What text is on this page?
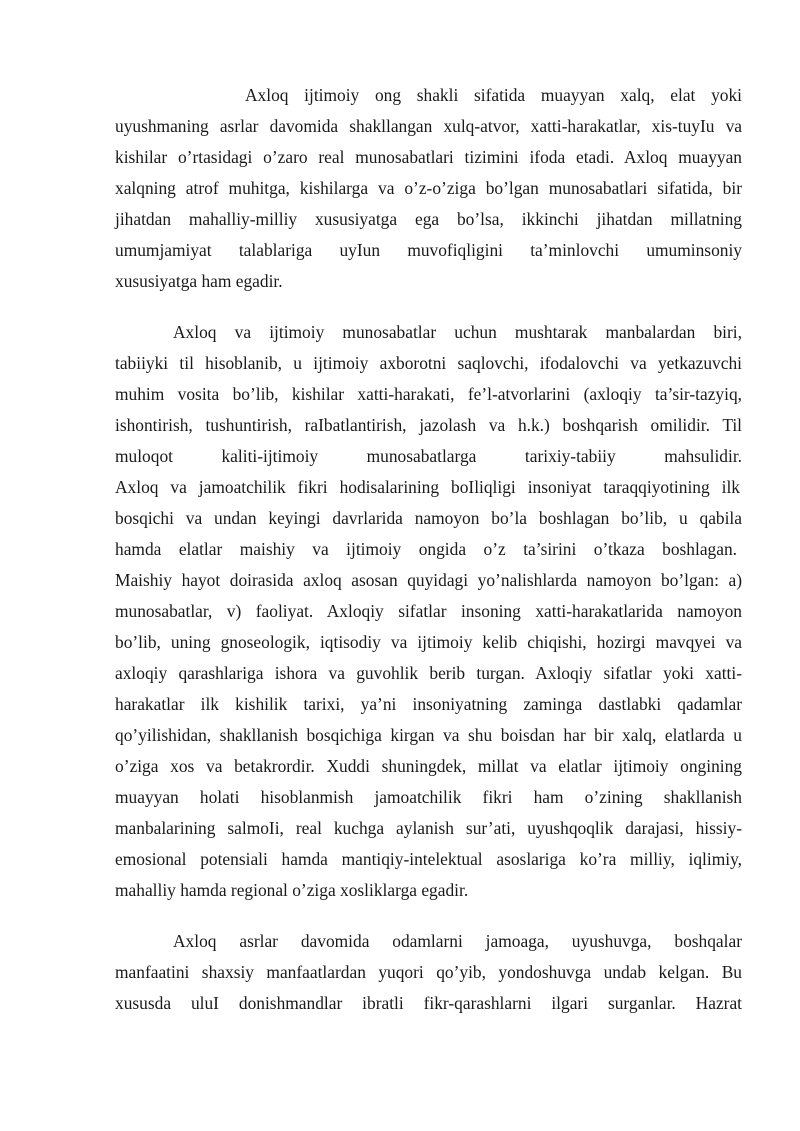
Axloq ijtimoiy ong shakli sifatida muayyan xalq, elat yoki
uyushmaning asrlar davomida shakllangan xulq-atvor, xatti-harakatlar, xis-tuyIu va
kishilar o’rtasidagi o’zaro real munosabatlari tizimini ifoda etadi. Axloq muayyan
xalqning atrof muhitga, kishilarga va o’z-o’ziga bo’lgan munosabatlari sifatida, bir
jihatdan mahalliy-milliy xususiyatga ega bo’lsa, ikkinchi jihatdan millatning
umumjamiyat talablariga uyIun muvofiqligini ta’minlovchi umuminsoniy
xususiyatga ham egadir.
Axloq va ijtimoiy munosabatlar uchun mushtarak manbalardan biri,
tabiiyki til hisoblanib, u ijtimoiy axborotni saqlovchi, ifodalovchi va yetkazuvchi
muhim vosita bo’lib, kishilar xatti-harakati, fe’l-atvorlarini (axloqiy ta’sir-tazyiq,
ishontirish, tushuntirish, raIbatlantirish, jazolash va h.k.) boshqarish omilidir. Til
muloqot kaliti-ijtimoiy munosabatlarga tarixiy-tabiiy mahsulidir.
Axloq va jamoatchilik fikri hodisalarining boIliqligi insoniyat taraqqiyotining ilk
bosqichi va undan keyingi davrlarida namoyon bo’la boshlagan bo’lib, u qabila
hamda elatlar maishiy va ijtimoiy ongida o’z ta’sirini o’tkaza boshlagan.
Maishiy hayot doirasida axloq asosan quyidagi yo’nalishlarda namoyon bo’lgan: a)
munosabatlar, v) faoliyat. Axloqiy sifatlar insoning xatti-harakatlarida namoyon
bo’lib, uning gnoseologik, iqtisodiy va ijtimoiy kelib chiqishi, hozirgi mavqyei va
axloqiy qarashlariga ishora va guvohlik berib turgan. Axloqiy sifatlar yoki xatti-
harakatlar ilk kishilik tarixi, ya’ni insoniyatning zaminga dastlabki qadamlar
qo’yilishidan, shakllanish bosqichiga kirgan va shu boisdan har bir xalq, elatlarda u
o’ziga xos va betakrordir. Xuddi shuningdek, millat va elatlar ijtimoiy ongining
muayyan holati hisoblanmish jamoatchilik fikri ham o’zining shakllanish
manbalarining salmoIi, real kuchga aylanish sur’ati, uyushqoqlik darajasi, hissiy-
emosional potensiali hamda mantiqiy-intelektual asoslariga ko’ra milliy, iqlimiy,
mahalliy hamda regional o’ziga xosliklarga egadir.
Axloq asrlar davomida odamlarni jamoaga, uyushuvga, boshqalar
manfaatini shaxsiy manfaatlardan yuqori qo’yib, yondoshuvga undab kelgan. Bu
xususda uluI donishmandlar ibratli fikr-qarashlarni ilgari surganlar. Hazrat
